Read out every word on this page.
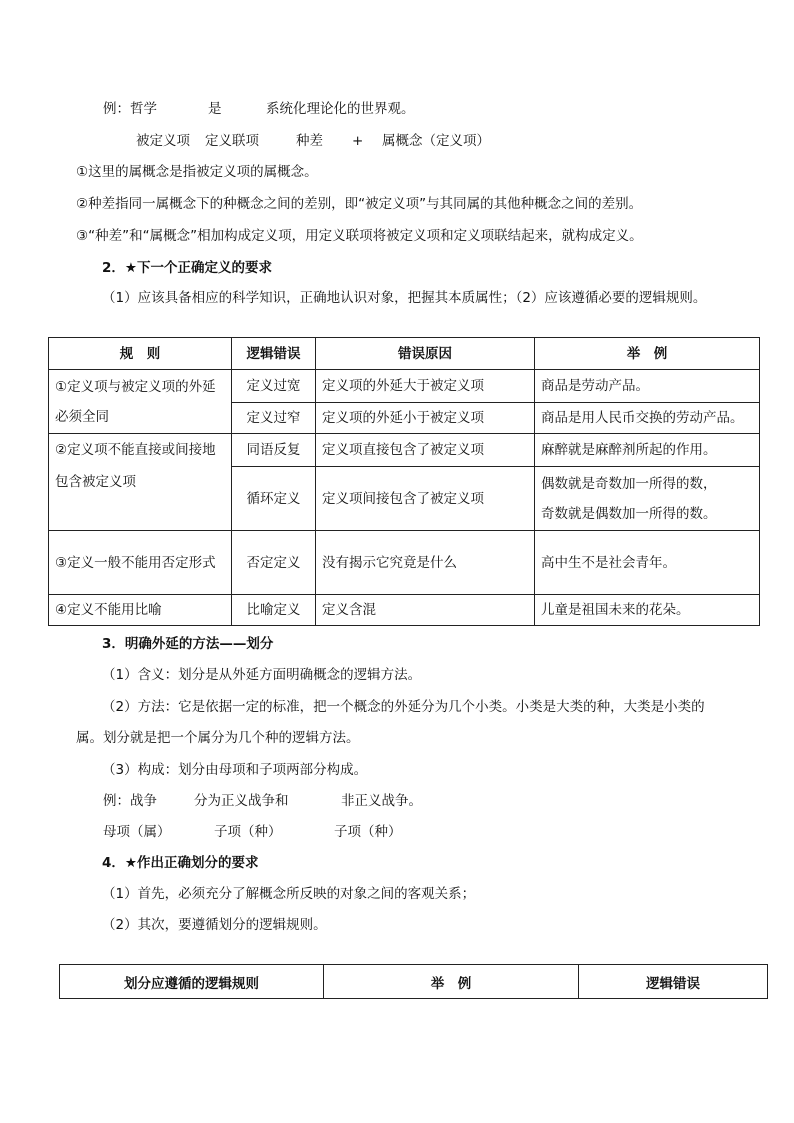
例：哲学	是	系统化理论化的世界观。
被定义项 定义联项	种差 + 属概念（定义项）
①这里的属概念是指被定义项的属概念。
②种差指同一属概念下的种概念之间的差别，即“被定义项”与其同属的其他种概念之间的差别。
③“种差”和“属概念”相加构成定义项，用定义联项将被定义项和定义项联结起来，就构成定义。
2．★下一个正确定义的要求
（1）应该具备相应的科学知识，正确地认识对象，把握其本质属性；（2）应该遵循必要的逻辑规则。
规　则	逻辑错误	错误原因	举　例
①定义项与被定义项的外延必须全同	定义过宽	定义项的外延大于被定义项	商品是劳动产品。
	定义过窄	定义项的外延小于被定义项	商品是用人民币交换的劳动产品。
②定义项不能直接或间接地包含被定义项	同语反复	定义项直接包含了被定义项	麻醉就是麻醉剂所起的作用。
	循环定义	定义项间接包含了被定义项	偶数就是奇数加一所得的数，
奇数就是偶数加一所得的数。

③定义一般不能用否定形式	否定定义	没有揭示它究竟是什么	高中生不是社会青年。
④定义不能用比喻	比喻定义	定义含混	儿童是祖国未来的花朵。
3．明确外延的方法——划分
（1）含义：划分是从外延方面明确概念的逻辑方法。
（2）方法：它是依据一定的标准，把一个概念的外延分为几个小类。小类是大类的种，大类是小类的
属。划分就是把一个属分为几个种的逻辑方法。
（3）构成：划分由母项和子项两部分构成。
例：战争	分为正义战争和	非正义战争。
母项（属）	子项（种）	子项（种）
4．★作出正确划分的要求
（1）首先，必须充分了解概念所反映的对象之间的客观关系；
（2）其次，要遵循划分的逻辑规则。
划分应遵循的逻辑规则	举　例	逻辑错误
